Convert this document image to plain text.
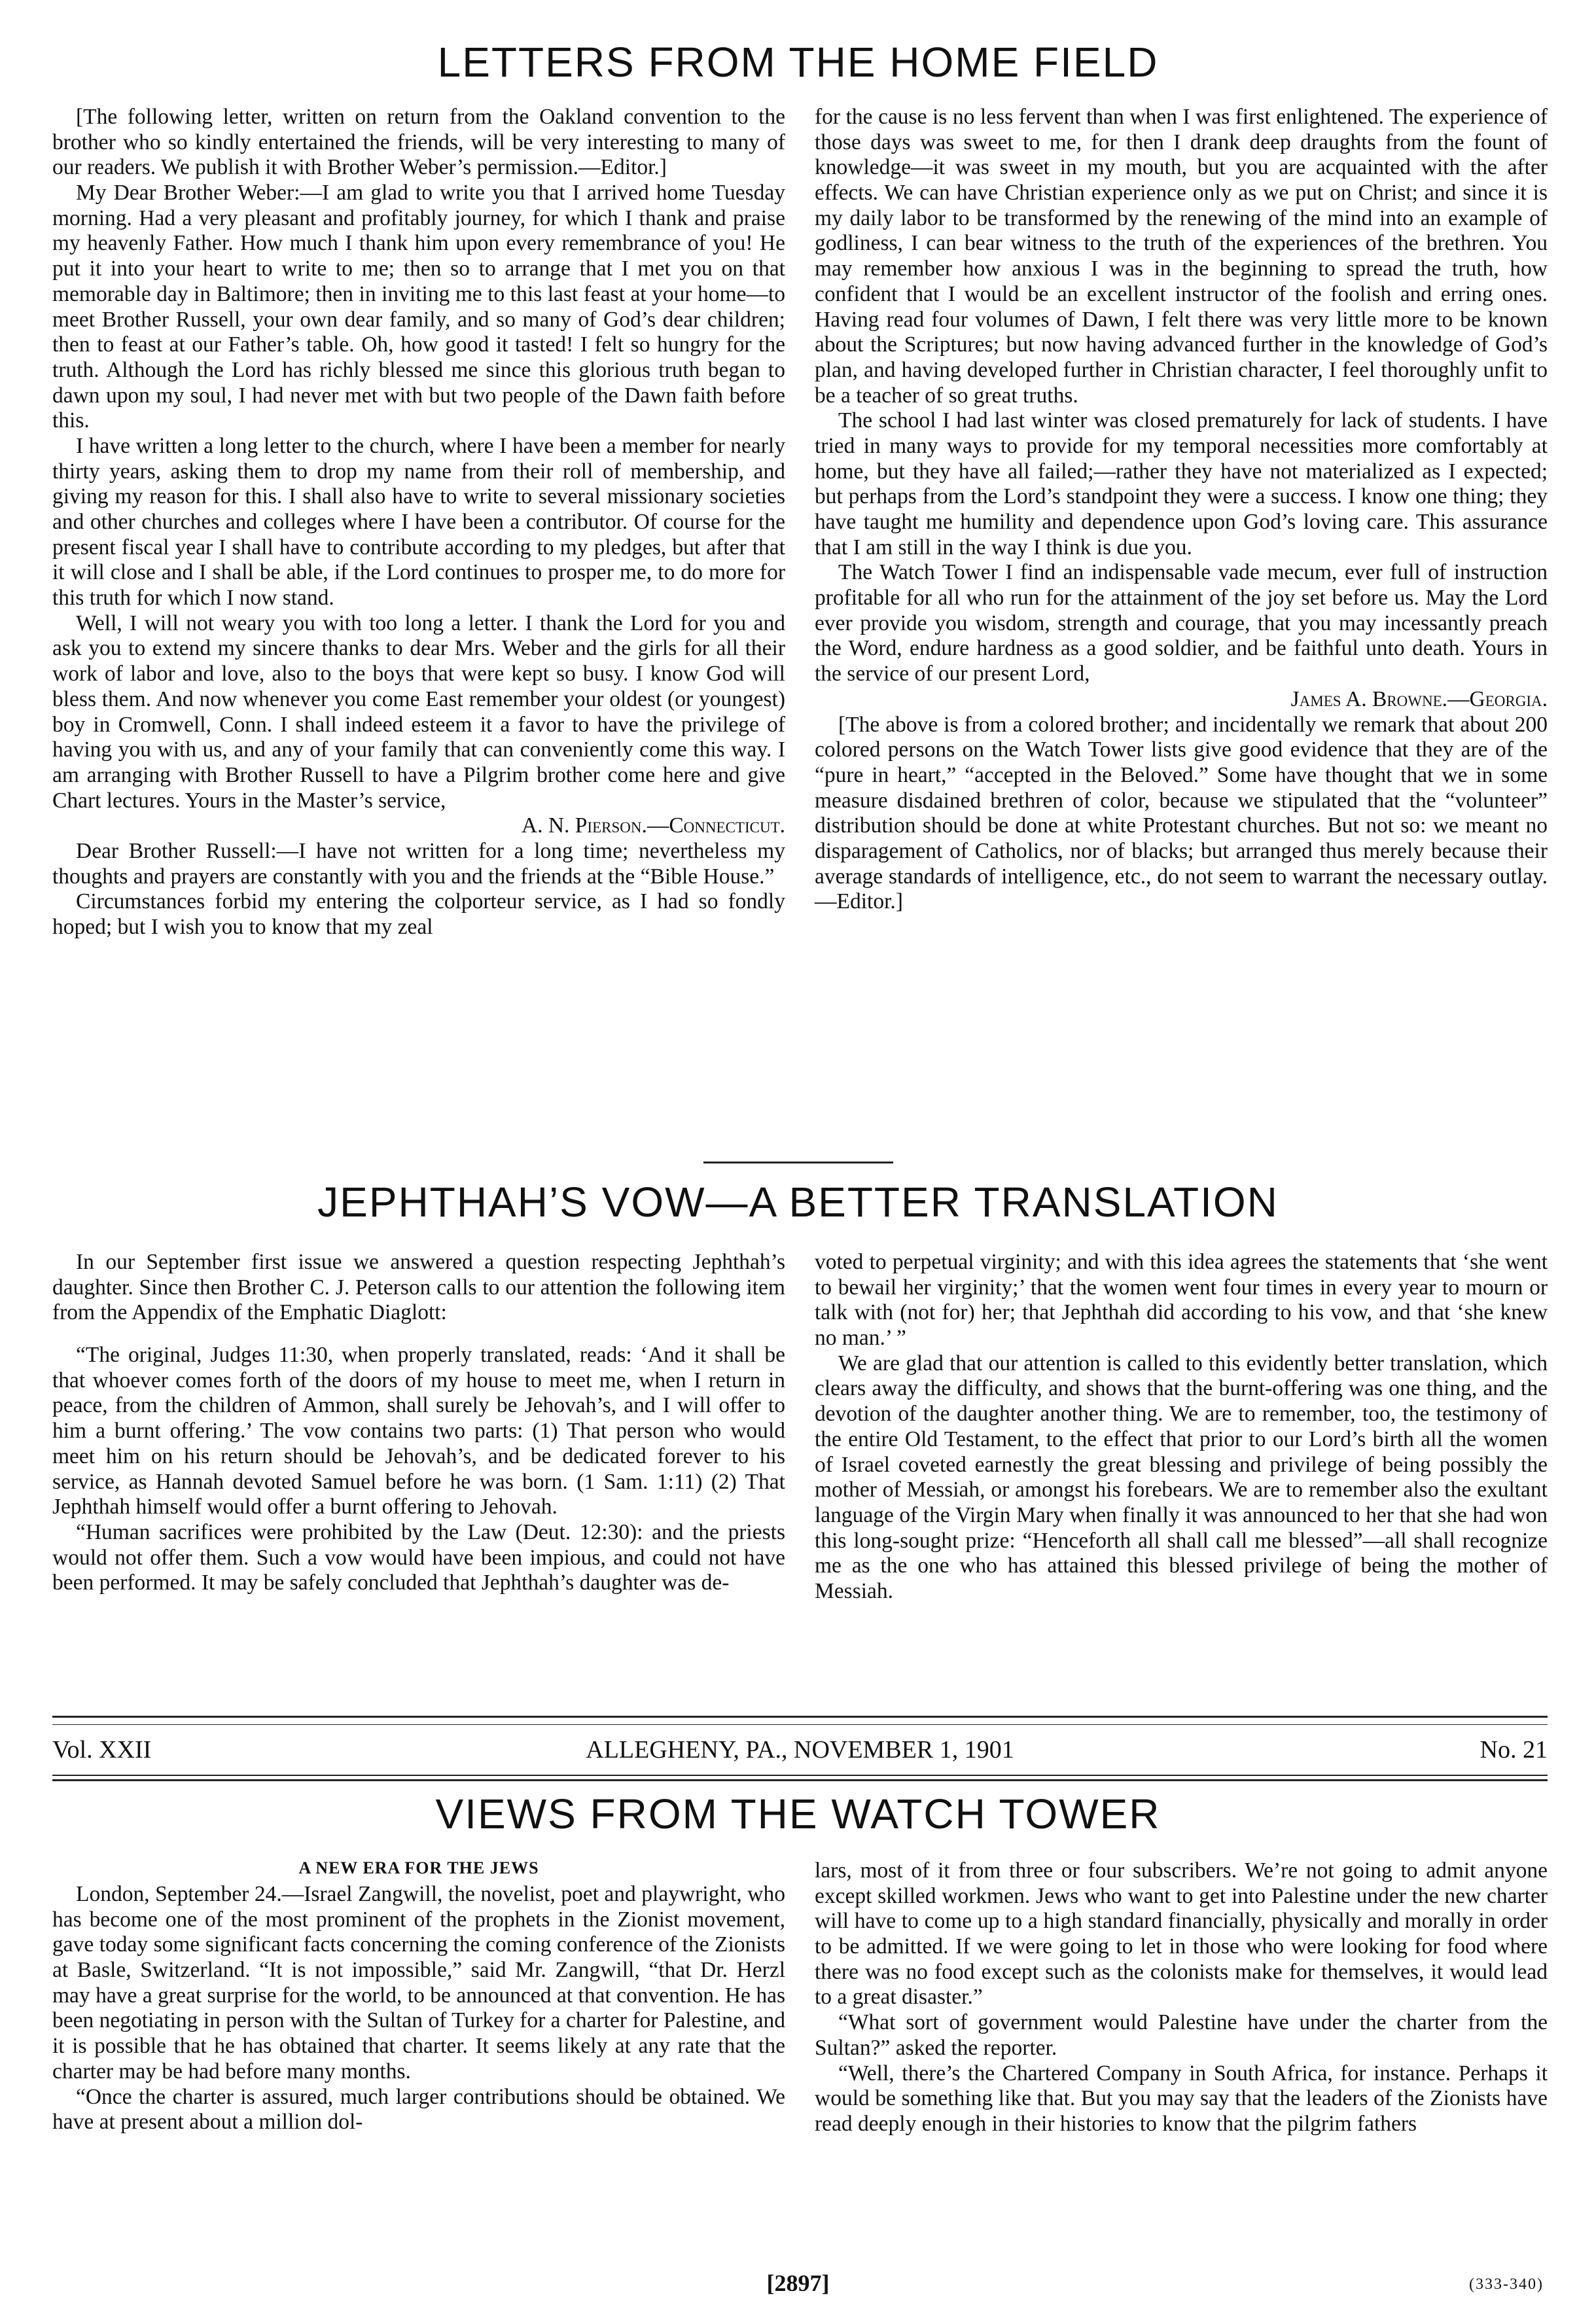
LETTERS FROM THE HOME FIELD

[The following letter, written on return from the Oakland convention to the brother who so kindly entertained the friends, will be very interesting to many of our readers. We publish it with Brother Weber’s permission.—Editor.]

My Dear Brother Weber:—I am glad to write you that I arrived home Tuesday morning. Had a very pleasant and profitably journey, for which I thank and praise my heavenly Father. How much I thank him upon every remembrance of you! He put it into your heart to write to me; then so to arrange that I met you on that memorable day in Baltimore; then in inviting me to this last feast at your home—to meet Brother Russell, your own dear family, and so many of God’s dear children; then to feast at our Father’s table. Oh, how good it tasted! I felt so hungry for the truth. Although the Lord has richly blessed me since this glorious truth began to dawn upon my soul, I had never met with but two people of the Dawn faith before this.

I have written a long letter to the church, where I have been a member for nearly thirty years, asking them to drop my name from their roll of membership, and giving my reason for this. I shall also have to write to several missionary societies and other churches and colleges where I have been a contributor. Of course for the present fiscal year I shall have to contribute according to my pledges, but after that it will close and I shall be able, if the Lord continues to prosper me, to do more for this truth for which I now stand.

Well, I will not weary you with too long a letter. I thank the Lord for you and ask you to extend my sincere thanks to dear Mrs. Weber and the girls for all their work of labor and love, also to the boys that were kept so busy. I know God will bless them. And now whenever you come East remember your oldest (or youngest) boy in Cromwell, Conn. I shall indeed esteem it a favor to have the privilege of having you with us, and any of your family that can conveniently come this way. I am arranging with Brother Russell to have a Pilgrim brother come here and give Chart lectures. Yours in the Master’s service,

A. N. Pierson.—Connecticut.

Dear Brother Russell:—I have not written for a long time; nevertheless my thoughts and prayers are constantly with you and the friends at the “Bible House.”

Circumstances forbid my entering the colporteur service, as I had so fondly hoped; but I wish you to know that my zeal

for the cause is no less fervent than when I was first enlightened. The experience of those days was sweet to me, for then I drank deep draughts from the fount of knowledge—it was sweet in my mouth, but you are acquainted with the after effects. We can have Christian experience only as we put on Christ; and since it is my daily labor to be transformed by the renewing of the mind into an example of godliness, I can bear witness to the truth of the experiences of the brethren. You may remember how anxious I was in the beginning to spread the truth, how confident that I would be an excellent instructor of the foolish and erring ones. Having read four volumes of Dawn, I felt there was very little more to be known about the Scriptures; but now having advanced further in the knowledge of God’s plan, and having developed further in Christian character, I feel thoroughly unfit to be a teacher of so great truths.

The school I had last winter was closed prematurely for lack of students. I have tried in many ways to provide for my temporal necessities more comfortably at home, but they have all failed;—rather they have not materialized as I expected; but perhaps from the Lord’s standpoint they were a success. I know one thing; they have taught me humility and dependence upon God’s loving care. This assurance that I am still in the way I think is due you.

The Watch Tower I find an indispensable vade mecum, ever full of instruction profitable for all who run for the attainment of the joy set before us. May the Lord ever provide you wisdom, strength and courage, that you may incessantly preach the Word, endure hardness as a good soldier, and be faithful unto death. Yours in the service of our present Lord,

James A. Browne.—Georgia.

[The above is from a colored brother; and incidentally we remark that about 200 colored persons on the Watch Tower lists give good evidence that they are of the “pure in heart,” “accepted in the Beloved.” Some have thought that we in some measure disdained brethren of color, because we stipulated that the “volunteer” distribution should be done at white Protestant churches. But not so: we meant no disparagement of Catholics, nor of blacks; but arranged thus merely because their average standards of intelligence, etc., do not seem to warrant the necessary outlay.—Editor.]

JEPHTHAH’S VOW—A BETTER TRANSLATION

In our September first issue we answered a question respecting Jephthah’s daughter. Since then Brother C. J. Peterson calls to our attention the following item from the Appendix of the Emphatic Diaglott:

“The original, Judges 11:30, when properly translated, reads: ‘And it shall be that whoever comes forth of the doors of my house to meet me, when I return in peace, from the children of Ammon, shall surely be Jehovah’s, and I will offer to him a burnt offering.’ The vow contains two parts: (1) That person who would meet him on his return should be Jehovah’s, and be dedicated forever to his service, as Hannah devoted Samuel before he was born. (1 Sam. 1:11) (2) That Jephthah himself would offer a burnt offering to Jehovah.

“Human sacrifices were prohibited by the Law (Deut. 12:30): and the priests would not offer them. Such a vow would have been impious, and could not have been performed. It may be safely concluded that Jephthah’s daughter was de-

voted to perpetual virginity; and with this idea agrees the statements that ‘she went to bewail her virginity;’ that the women went four times in every year to mourn or talk with (not for) her; that Jephthah did according to his vow, and that ‘she knew no man.’ ”

We are glad that our attention is called to this evidently better translation, which clears away the difficulty, and shows that the burnt-offering was one thing, and the devotion of the daughter another thing. We are to remember, too, the testimony of the entire Old Testament, to the effect that prior to our Lord’s birth all the women of Israel coveted earnestly the great blessing and privilege of being possibly the mother of Messiah, or amongst his forebears. We are to remember also the exultant language of the Virgin Mary when finally it was announced to her that she had won this long-sought prize: “Henceforth all shall call me blessed”—all shall recognize me as the one who has attained this blessed privilege of being the mother of Messiah.

Vol. XXII	ALLEGHENY, PA., NOVEMBER 1, 1901	No. 21
VIEWS FROM THE WATCH TOWER
A NEW ERA FOR THE JEWS

London, September 24.—Israel Zangwill, the novelist, poet and playwright, who has become one of the most prominent of the prophets in the Zionist movement, gave today some significant facts concerning the coming conference of the Zionists at Basle, Switzerland. “It is not impossible,” said Mr. Zangwill, “that Dr. Herzl may have a great surprise for the world, to be announced at that convention. He has been negotiating in person with the Sultan of Turkey for a charter for Palestine, and it is possible that he has obtained that charter. It seems likely at any rate that the charter may be had before many months.

“Once the charter is assured, much larger contributions should be obtained. We have at present about a million dol-

lars, most of it from three or four subscribers. We’re not going to admit anyone except skilled workmen. Jews who want to get into Palestine under the new charter will have to come up to a high standard financially, physically and morally in order to be admitted. If we were going to let in those who were looking for food where there was no food except such as the colonists make for themselves, it would lead to a great disaster.”

“What sort of government would Palestine have under the charter from the Sultan?” asked the reporter.

“Well, there’s the Chartered Company in South Africa, for instance. Perhaps it would be something like that. But you may say that the leaders of the Zionists have read deeply enough in their histories to know that the pilgrim fathers

[2897]	(333-340)
